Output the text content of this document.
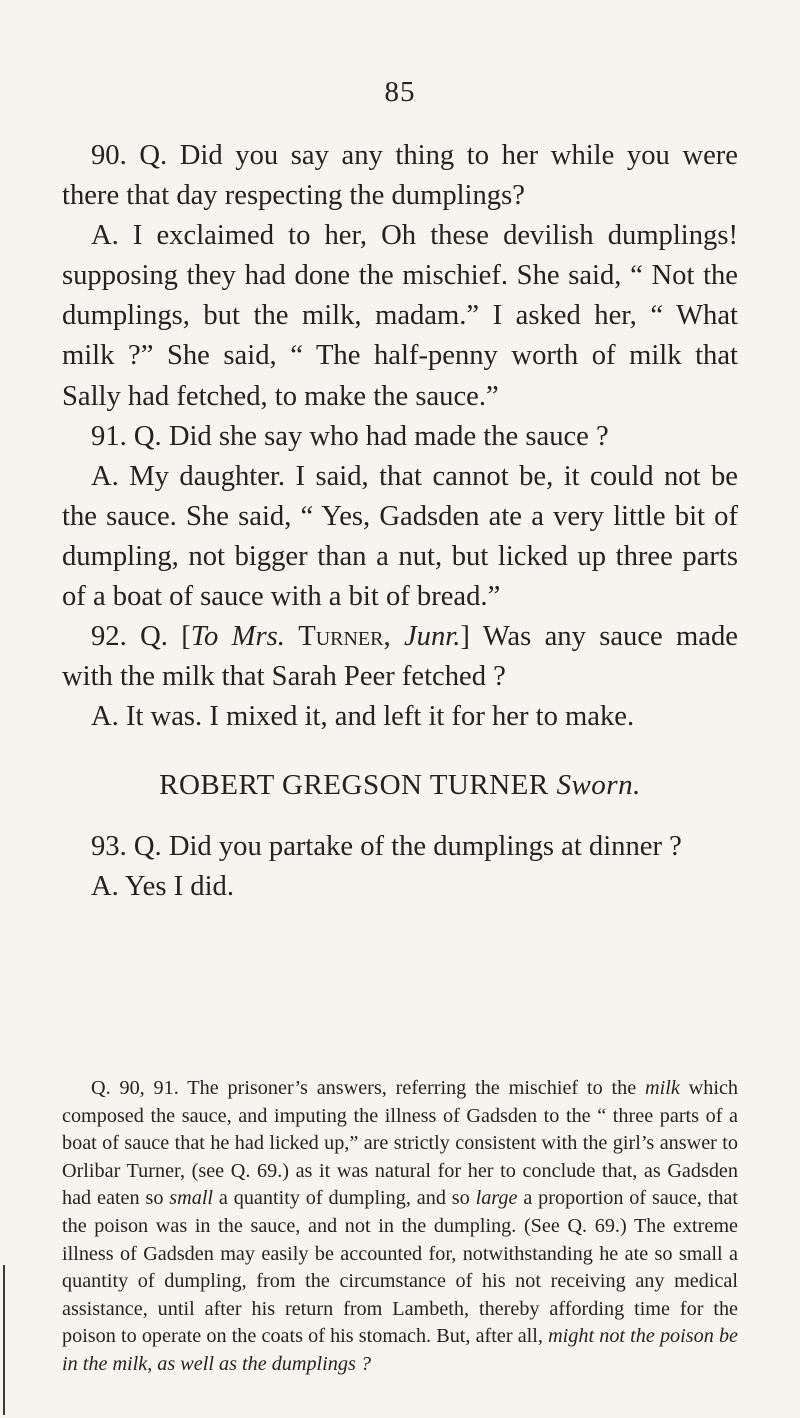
85

90. Q. Did you say any thing to her while you were there that day respecting the dumplings?

A. I exclaimed to her, Oh these devilish dumplings! supposing they had done the mischief. She said, “ Not the dumplings, but the milk, madam.” I asked her, “ What milk ?” She said, “ The half-penny worth of milk that Sally had fetched, to make the sauce.”

91. Q. Did she say who had made the sauce ?

A. My daughter. I said, that cannot be, it could not be the sauce. She said, “ Yes, Gadsden ate a very little bit of dumpling, not bigger than a nut, but licked up three parts of a boat of sauce with a bit of bread.”

92. Q. [To Mrs. Turner, Junr.] Was any sauce made with the milk that Sarah Peer fetched ?

A. It was. I mixed it, and left it for her to make.

ROBERT GREGSON TURNER Sworn.

93. Q. Did you partake of the dumplings at dinner ?

A. Yes I did.

Q. 90, 91. The prisoner’s answers, referring the mischief to the milk which composed the sauce, and imputing the illness of Gadsden to the “ three parts of a boat of sauce that he had licked up,” are strictly consistent with the girl’s answer to Orlibar Turner, (see Q. 69.) as it was natural for her to conclude that, as Gadsden had eaten so small a quantity of dumpling, and so large a proportion of sauce, that the poison was in the sauce, and not in the dumpling. (See Q. 69.) The extreme illness of Gadsden may easily be accounted for, notwithstanding he ate so small a quantity of dumpling, from the circumstance of his not receiving any medical assistance, until after his return from Lambeth, thereby affording time for the poison to operate on the coats of his stomach. But, after all, might not the poison be in the milk, as well as the dumplings ?
